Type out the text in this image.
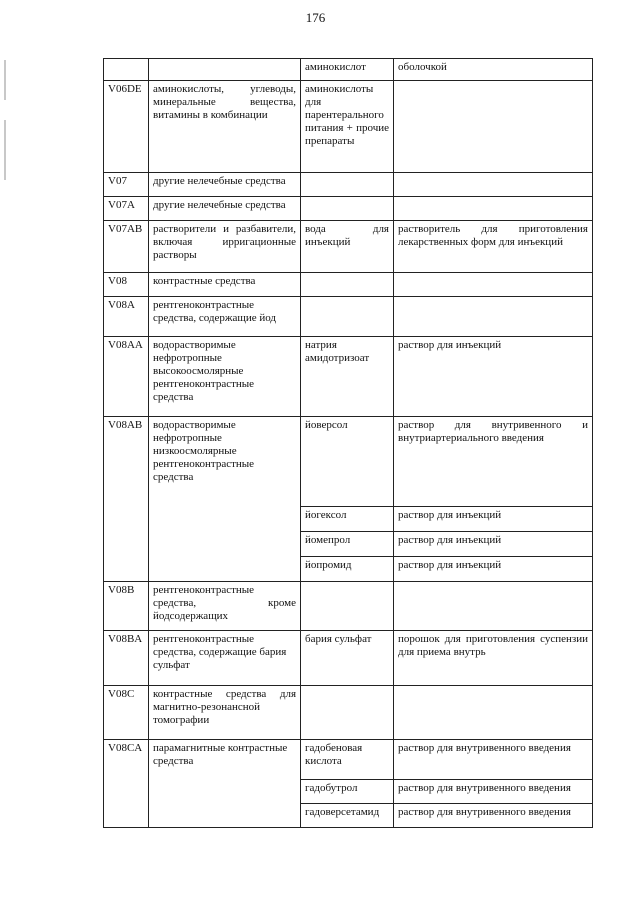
176
		аминокислот	оболочкой
V06DE	аминокислоты, углеводы, минеральные вещества, витамины в комбинации	аминокислоты для парентерального питания + прочие препараты	
V07	другие нелечебные средства		
V07A	другие нелечебные средства		
V07AB	растворители и разбавители, включая ирригационные растворы	вода для инъекций	растворитель для приготовления лекарственных форм для инъекций
V08	контрастные средства		
V08A	рентгеноконтрастные средства, содержащие йод		
V08AA	водорастворимые нефротропные высокоосмолярные рентгеноконтрастные средства	натрия амидотризоат	раствор для инъекций
V08AB	водорастворимые нефротропные низкоосмолярные рентгеноконтрастные средства	йоверсол	раствор для внутривенного и внутриартериального введения
		йогексол	раствор для инъекций
		йомепрол	раствор для инъекций
		йопромид	раствор для инъекций
V08B	рентгеноконтрастные средства, кроме йодсодержащих		
V08BA	рентгеноконтрастные средства, содержащие бария сульфат	бария сульфат	порошок для приготовления суспензии для приема внутрь
V08C	контрастные средства для магнитно-резонансной томографии		
V08CA	парамагнитные контрастные средства	гадобеновая кислота	раствор для внутривенного введения
		гадобутрол	раствор для внутривенного введения
		гадоверсетамид	раствор для внутривенного введения
